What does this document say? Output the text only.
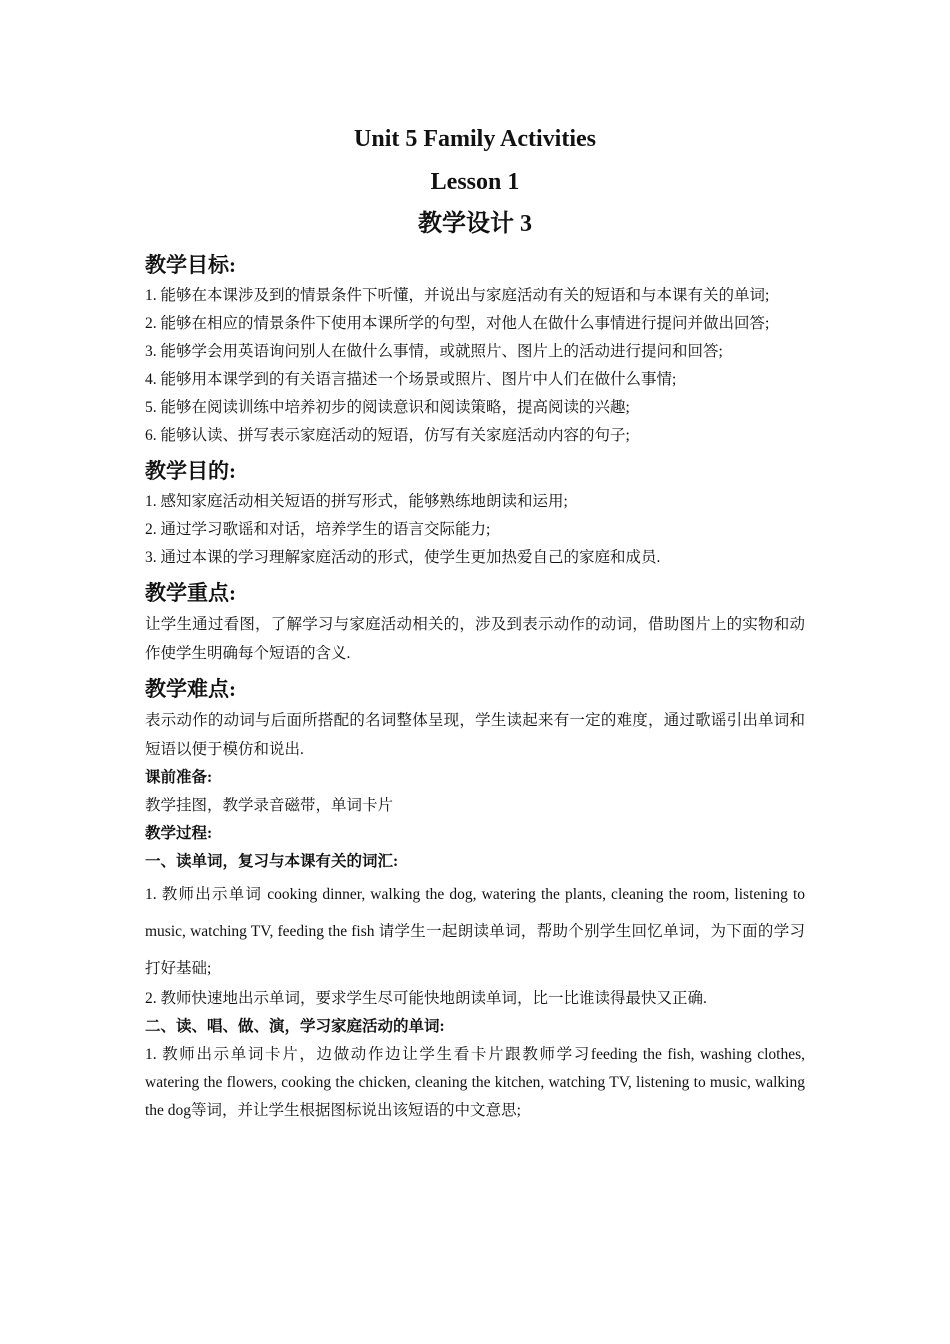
Unit 5 Family Activities
Lesson 1
教学设计 3
教学目标:

1. 能够在本课涉及到的情景条件下听懂，并说出与家庭活动有关的短语和与本课有关的单词;

2. 能够在相应的情景条件下使用本课所学的句型，对他人在做什么事情进行提问并做出回答;

3. 能够学会用英语询问别人在做什么事情，或就照片、图片上的活动进行提问和回答;

4. 能够用本课学到的有关语言描述一个场景或照片、图片中人们在做什么事情;

5. 能够在阅读训练中培养初步的阅读意识和阅读策略，提高阅读的兴趣;

6. 能够认读、拼写表示家庭活动的短语，仿写有关家庭活动内容的句子;

教学目的:

1. 感知家庭活动相关短语的拼写形式，能够熟练地朗读和运用;

2. 通过学习歌谣和对话，培养学生的语言交际能力;

3. 通过本课的学习理解家庭活动的形式，使学生更加热爱自己的家庭和成员.

教学重点:

让学生通过看图，了解学习与家庭活动相关的，涉及到表示动作的动词，借助图片上的实物和动作使学生明确每个短语的含义.

教学难点:

表示动作的动词与后面所搭配的名词整体呈现，学生读起来有一定的难度，通过歌谣引出单词和短语以便于模仿和说出.

课前准备:

教学挂图，教学录音磁带，单词卡片

教学过程:
一、读单词，复习与本课有关的词汇:

1. 教师出示单词 cooking dinner, walking the dog, watering the plants, cleaning the room, listening to music, watching TV, feeding the fish 请学生一起朗读单词，帮助个别学生回忆单词，为下面的学习打好基础;

2. 教师快速地出示单词，要求学生尽可能快地朗读单词，比一比谁读得最快又正确.

二、读、唱、做、演，学习家庭活动的单词:

1. 教师出示单词卡片，边做动作边让学生看卡片跟教师学习feeding the fish, washing clothes, watering the flowers, cooking the chicken, cleaning the kitchen, watching TV, listening to music, walking the dog等词，并让学生根据图标说出该短语的中文意思;
